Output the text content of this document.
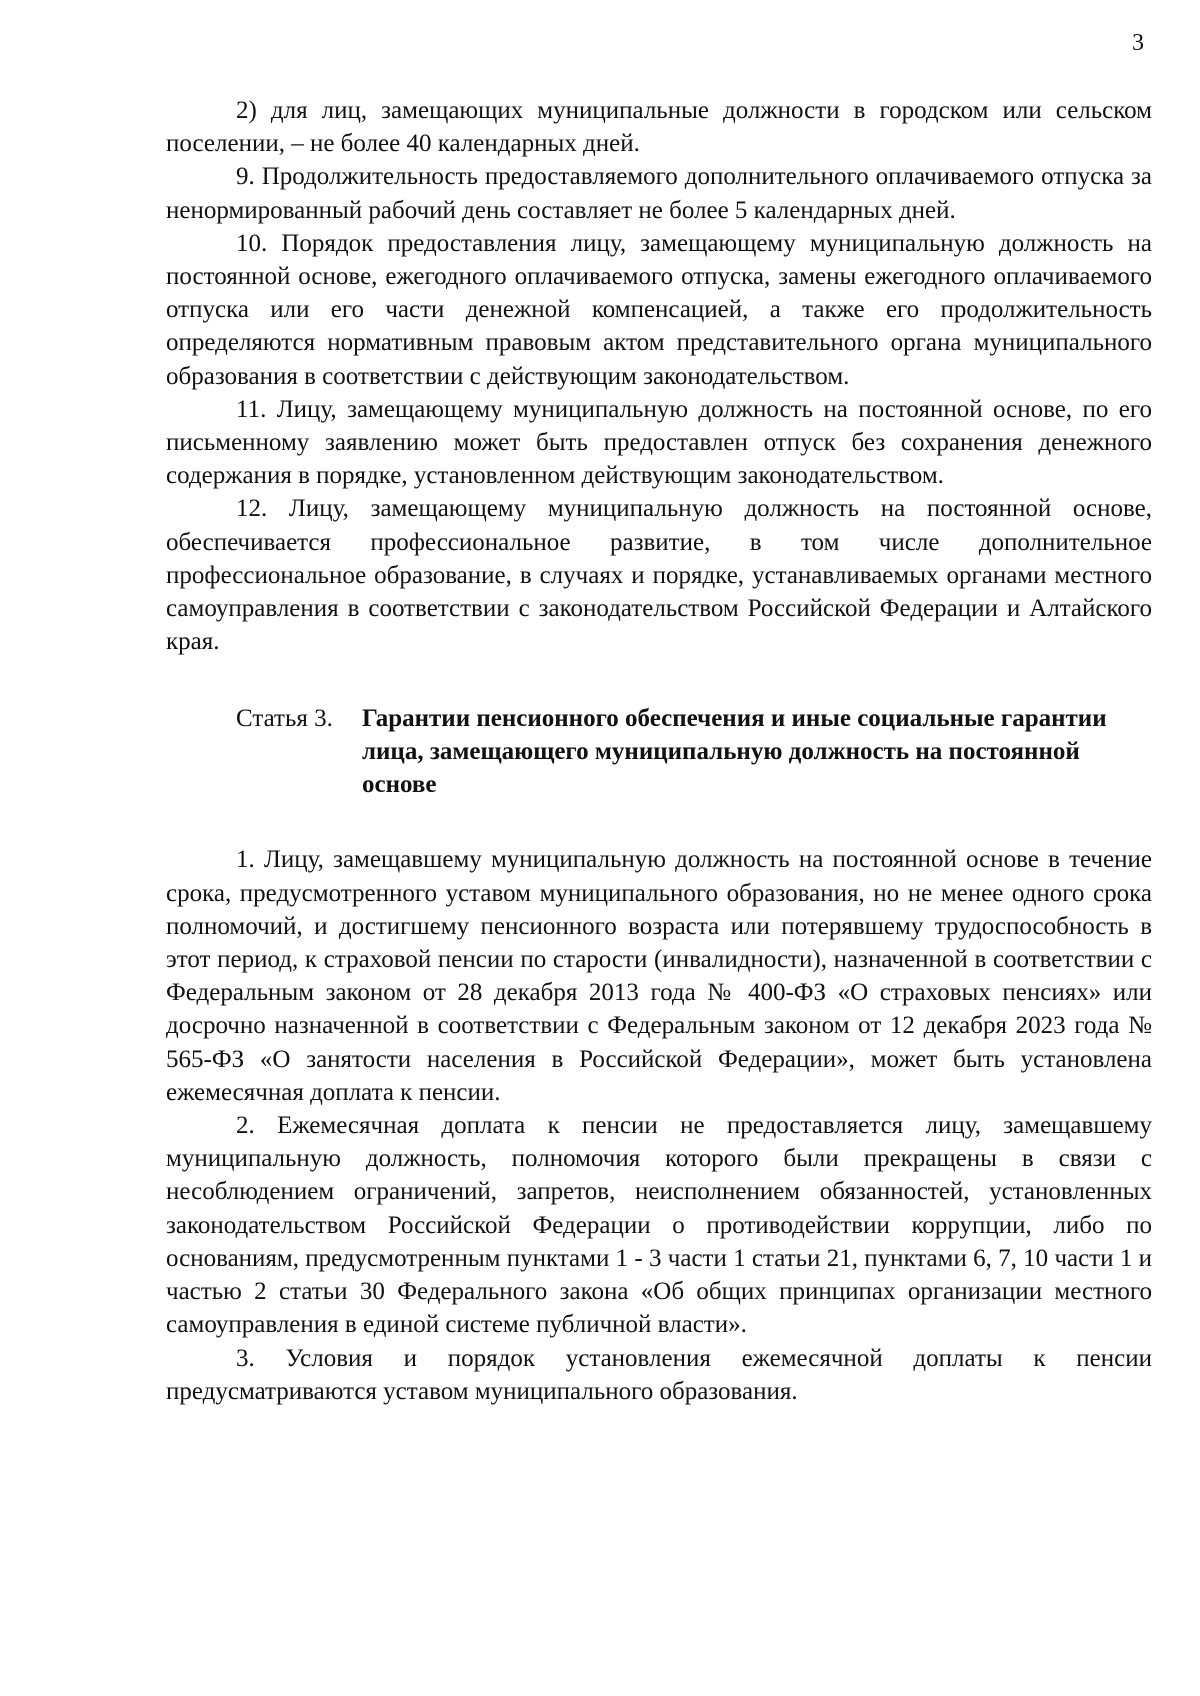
3

2) для лиц, замещающих муниципальные должности в городском или сельском поселении, – не более 40 календарных дней.

9. Продолжительность предоставляемого дополнительного оплачиваемого отпуска за ненормированный рабочий день составляет не более 5 календарных дней.

10. Порядок предоставления лицу, замещающему муниципальную должность на постоянной основе, ежегодного оплачиваемого отпуска, замены ежегодного оплачиваемого отпуска или его части денежной компенсацией, а также его продолжительность определяются нормативным правовым актом представительного органа муниципального образования в соответствии с действующим законодательством.

11. Лицу, замещающему муниципальную должность на постоянной основе, по его письменному заявлению может быть предоставлен отпуск без сохранения денежного содержания в порядке, установленном действующим законодательством.

12. Лицу, замещающему муниципальную должность на постоянной основе, обеспечивается профессиональное развитие, в том числе дополнительное профессиональное образование, в случаях и порядке, устанавливаемых органами местного самоуправления в соответствии с законодательством Российской Федерации и Алтайского края.

Статья 3.	Гарантии пенсионного обеспечения и иные социальные гарантии лица, замещающего муниципальную должность на постоянной основе

1. Лицу, замещавшему муниципальную должность на постоянной основе в течение срока, предусмотренного уставом муниципального образования, но не менее одного срока полномочий, и достигшему пенсионного возраста или потерявшему трудоспособность в этот период, к страховой пенсии по старости (инвалидности), назначенной в соответствии с Федеральным законом от 28 декабря 2013 года № 400-ФЗ «О страховых пенсиях» или досрочно назначенной в соответствии с Федеральным законом от 12 декабря 2023 года № 565-ФЗ «О занятости населения в Российской Федерации», может быть установлена ежемесячная доплата к пенсии.

2. Ежемесячная доплата к пенсии не предоставляется лицу, замещавшему муниципальную должность, полномочия которого были прекращены в связи с несоблюдением ограничений, запретов, неисполнением обязанностей, установленных законодательством Российской Федерации о противодействии коррупции, либо по основаниям, предусмотренным пунктами 1 - 3 части 1 статьи 21, пунктами 6, 7, 10 части 1 и частью 2 статьи 30 Федерального закона «Об общих принципах организации местного самоуправления в единой системе публичной власти».

3. Условия и порядок установления ежемесячной доплаты к пенсии предусматриваются уставом муниципального образования.
